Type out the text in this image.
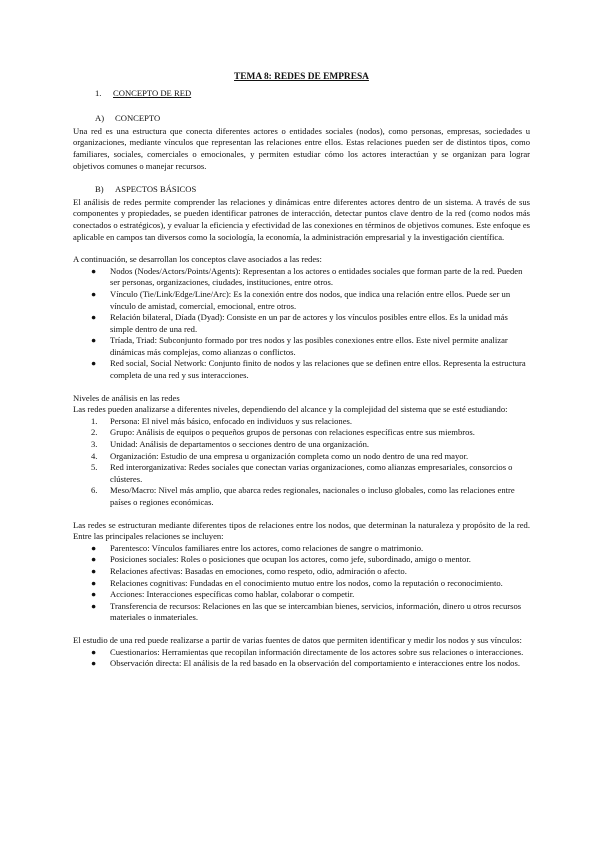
TEMA 8: REDES DE EMPRESA
1.	CONCEPTO DE RED
A)	CONCEPTO

Una red es una estructura que conecta diferentes actores o entidades sociales (nodos), como personas, empresas, sociedades u organizaciones, mediante vínculos que representan las relaciones entre ellos. Estas relaciones pueden ser de distintos tipos, como familiares, sociales, comerciales o emocionales, y permiten estudiar cómo los actores interactúan y se organizan para lograr objetivos comunes o manejar recursos.

B)	ASPECTOS BÁSICOS

El análisis de redes permite comprender las relaciones y dinámicas entre diferentes actores dentro de un sistema. A través de sus componentes y propiedades, se pueden identificar patrones de interacción, detectar puntos clave dentro de la red (como nodos más conectados o estratégicos), y evaluar la eficiencia y efectividad de las conexiones en términos de objetivos comunes. Este enfoque es aplicable en campos tan diversos como la sociología, la economía, la administración empresarial y la investigación científica.

A continuación, se desarrollan los conceptos clave asociados a las redes:

● Nodos (Nodes/Actors/Points/Agents): Representan a los actores o entidades sociales que forman parte de la red. Pueden ser personas, organizaciones, ciudades, instituciones, entre otros.
● Vínculo (Tie/Link/Edge/Line/Arc): Es la conexión entre dos nodos, que indica una relación entre ellos. Puede ser un vínculo de amistad, comercial, emocional, entre otros.
● Relación bilateral, Díada (Dyad): Consiste en un par de actores y los vínculos posibles entre ellos. Es la unidad más simple dentro de una red.
● Tríada, Triad: Subconjunto formado por tres nodos y las posibles conexiones entre ellos. Este nivel permite analizar dinámicas más complejas, como alianzas o conflictos.
● Red social, Social Network: Conjunto finito de nodos y las relaciones que se definen entre ellos. Representa la estructura completa de una red y sus interacciones.

Niveles de análisis en las redes

Las redes pueden analizarse a diferentes niveles, dependiendo del alcance y la complejidad del sistema que se esté estudiando:

1. Persona: El nivel más básico, enfocado en individuos y sus relaciones.
2. Grupo: Análisis de equipos o pequeños grupos de personas con relaciones específicas entre sus miembros.
3. Unidad: Análisis de departamentos o secciones dentro de una organización.
4. Organización: Estudio de una empresa u organización completa como un nodo dentro de una red mayor.
5. Red interorganizativa: Redes sociales que conectan varias organizaciones, como alianzas empresariales, consorcios o clústeres.
6. Meso/Macro: Nivel más amplio, que abarca redes regionales, nacionales o incluso globales, como las relaciones entre países o regiones económicas.

Las redes se estructuran mediante diferentes tipos de relaciones entre los nodos, que determinan la naturaleza y propósito de la red. Entre las principales relaciones se incluyen:

● Parentesco: Vínculos familiares entre los actores, como relaciones de sangre o matrimonio.
● Posiciones sociales: Roles o posiciones que ocupan los actores, como jefe, subordinado, amigo o mentor.
● Relaciones afectivas: Basadas en emociones, como respeto, odio, admiración o afecto.
● Relaciones cognitivas: Fundadas en el conocimiento mutuo entre los nodos, como la reputación o reconocimiento.
● Acciones: Interacciones específicas como hablar, colaborar o competir.
● Transferencia de recursos: Relaciones en las que se intercambian bienes, servicios, información, dinero u otros recursos materiales o inmateriales.

El estudio de una red puede realizarse a partir de varias fuentes de datos que permiten identificar y medir los nodos y sus vínculos:

● Cuestionarios: Herramientas que recopilan información directamente de los actores sobre sus relaciones o interacciones.
● Observación directa: El análisis de la red basado en la observación del comportamiento e interacciones entre los nodos.
